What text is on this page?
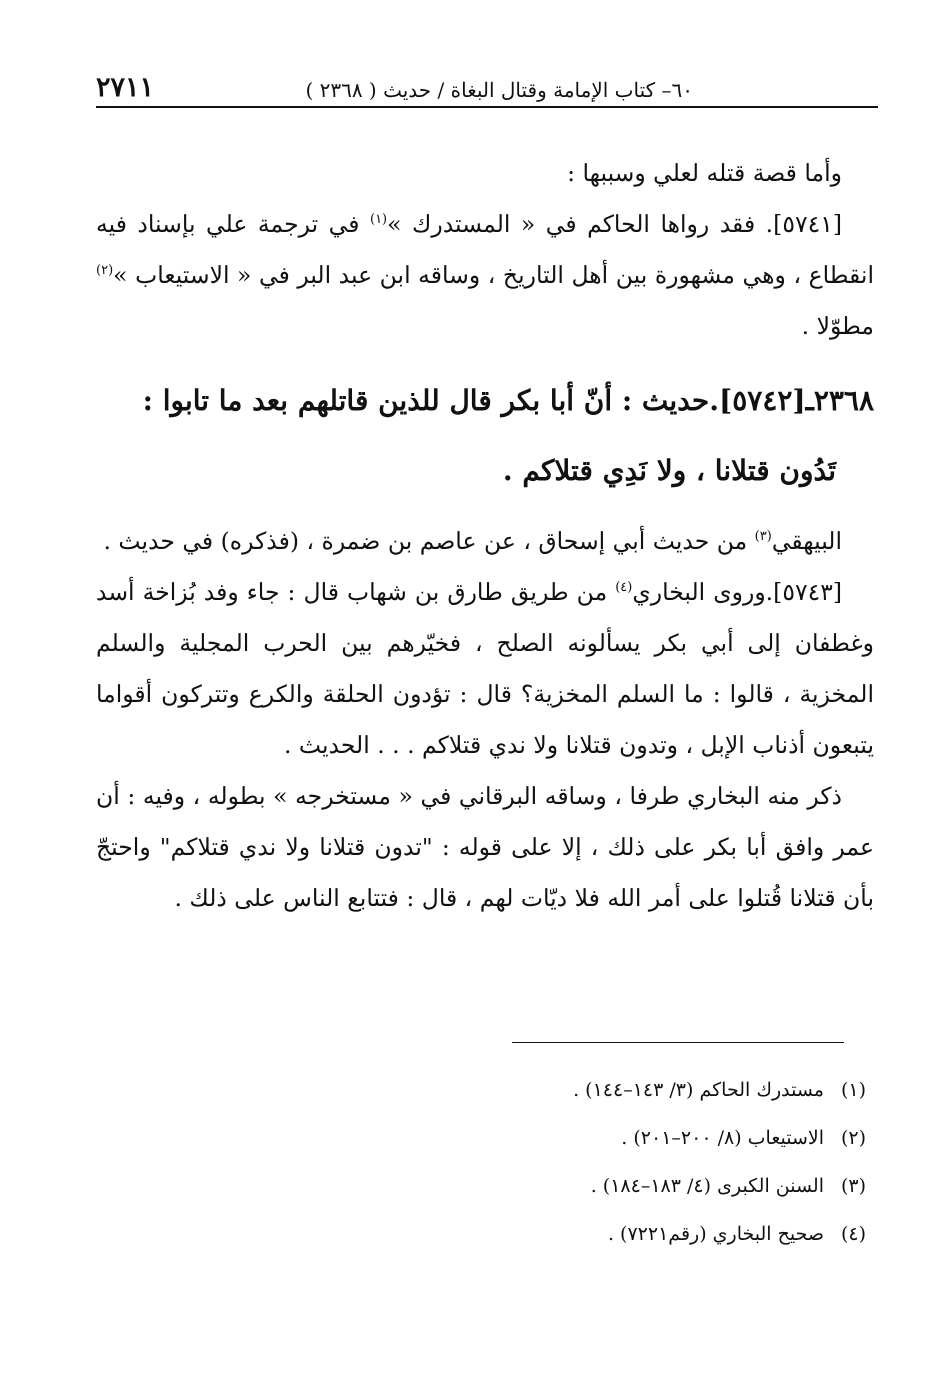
٢٧١١	٦٠– كتاب الإمامة وقتال البغاة / حديث ( ٢٣٦٨ )

وأما قصة قتله لعلي وسببها :

[٥٧٤١]. فقد رواها الحاكم في « المستدرك »$^{(١)}$ في ترجمة علي بإسناد فيه انقطاع ، وهي مشهورة بين أهل التاريخ ، وساقه ابن عبد البر في « الاستيعاب »$^{(٢)}$ مطوّلا .

٢٣٦٨ـ[٥٧٤٢].حديث : أنّ أبا بكر قال للذين قاتلهم بعد ما تابوا :
تَدُون قتلانا ، ولا نَدِي قتلاكم .

البيهقي$^{(٣)}$ من حديث أبي إسحاق ، عن عاصم بن ضمرة ، (فذكره) في حديث .

[٥٧٤٣].وروى البخاري$^{(٤)}$ من طريق طارق بن شهاب قال : جاء وفد بُزاخة أسد وغطفان إلى أبي بكر يسألونه الصلح ، فخيّرهم بين الحرب المجلية والسلم المخزية ، قالوا : ما السلم المخزية؟ قال : تؤدون الحلقة والكرع وتتركون أقواما يتبعون أذناب الإبل ، وتدون قتلانا ولا ندي قتلاكم . . . الحديث .

ذكر منه البخاري طرفا ، وساقه البرقاني في « مستخرجه » بطوله ، وفيه : أن عمر وافق أبا بكر على ذلك ، إلا على قوله : "تدون قتلانا ولا ندي قتلاكم" واحتجّ بأن قتلانا قُتلوا على أمر الله فلا ديّات لهم ، قال : فتتابع الناس على ذلك .

(١)
مستدرك الحاكم (٣/ ١٤٣–١٤٤) .
(٢)
الاستيعاب (٨/ ٢٠٠–٢٠١) .
(٣)
السنن الكبرى (٤/ ١٨٣–١٨٤) .
(٤)
صحيح البخاري (رقم٧٢٢١) .
